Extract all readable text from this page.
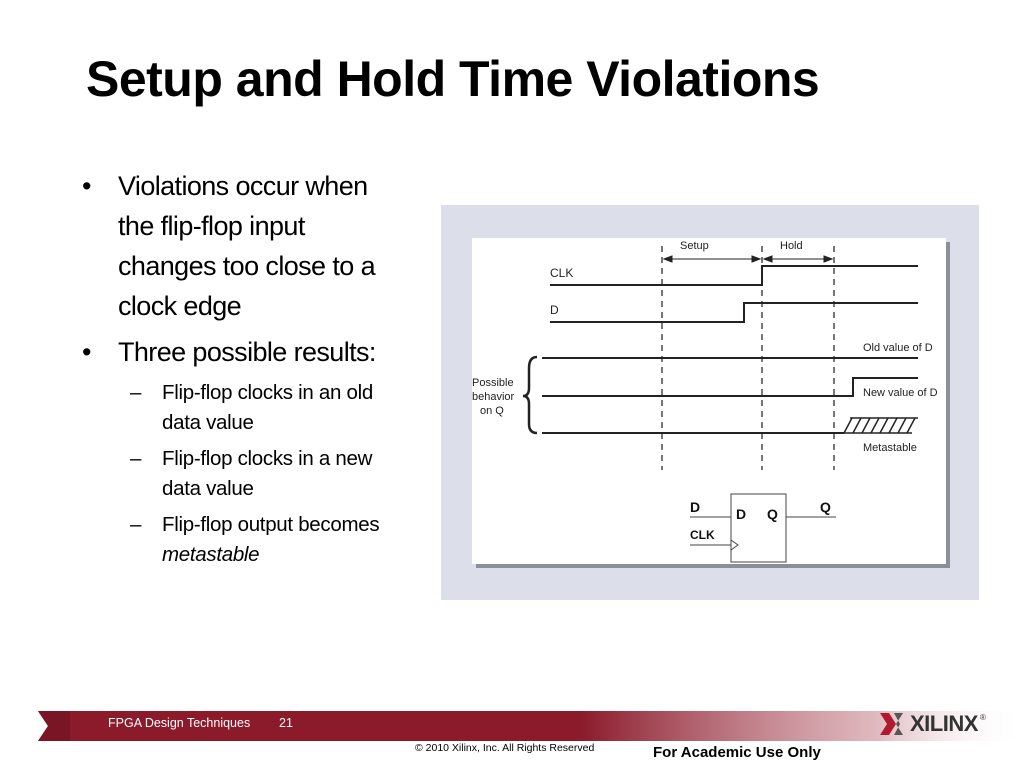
Setup and Hold Time Violations
• Violations occur when
the flip-flop input
changes too close to a
clock edge
• Three possible results:
– Flip-flop clocks in an old
data value
– Flip-flop clocks in a new
data value
– Flip-flop output becomes
metastable
Setup	Hold
CLK
D
Possible
behavior
on Q
Old value of D
New value of D
Metastable
D Q
D
CLK
Q
FPGA Design Techniques 21
© 2010 Xilinx, Inc. All Rights Reserved	For Academic Use Only
XILINX ®
